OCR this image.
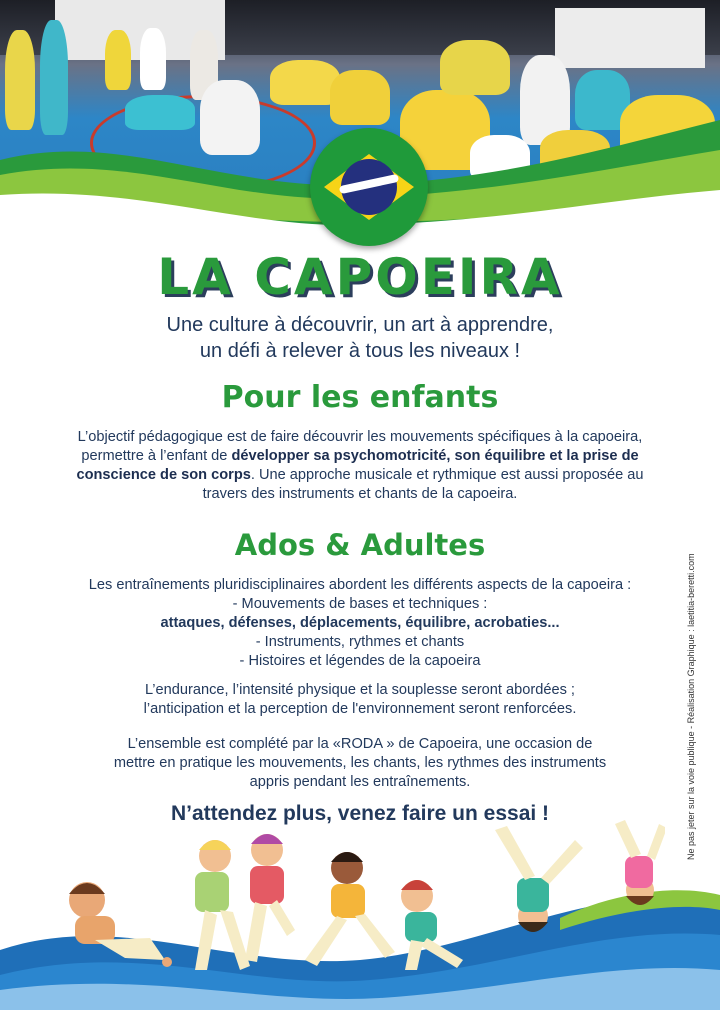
LA CAPOEIRA
Une culture à découvrir, un art à apprendre,
un défi à relever à tous les niveaux !
Pour les enfants
L’objectif pédagogique est de faire découvrir les mouvements spécifiques à la capoeira, permettre à l’enfant de développer sa psychomotricité, son équilibre et la prise de conscience de son corps. Une approche musicale et rythmique est aussi proposée au travers des instruments et chants de la capoeira.
Ados & Adultes
Les entraînements pluridisciplinaires abordent les différents aspects de la capoeira :
- Mouvements de bases et techniques :
attaques, défenses, déplacements, équilibre, acrobaties...
- Instruments, rythmes et chants
- Histoires et légendes de la capoeira
L’endurance, l’intensité physique et la souplesse seront abordées ;
l’anticipation et la perception de l'environnement seront renforcées.
L’ensemble est complété par la «RODA » de Capoeira, une occasion de
mettre en pratique les mouvements, les chants, les rythmes des instruments
appris pendant les entraînements.
N’attendez plus, venez faire un essai !	Ne pas jeter sur la voie publique - Réalisation Graphique : laetitia-beretti.com
